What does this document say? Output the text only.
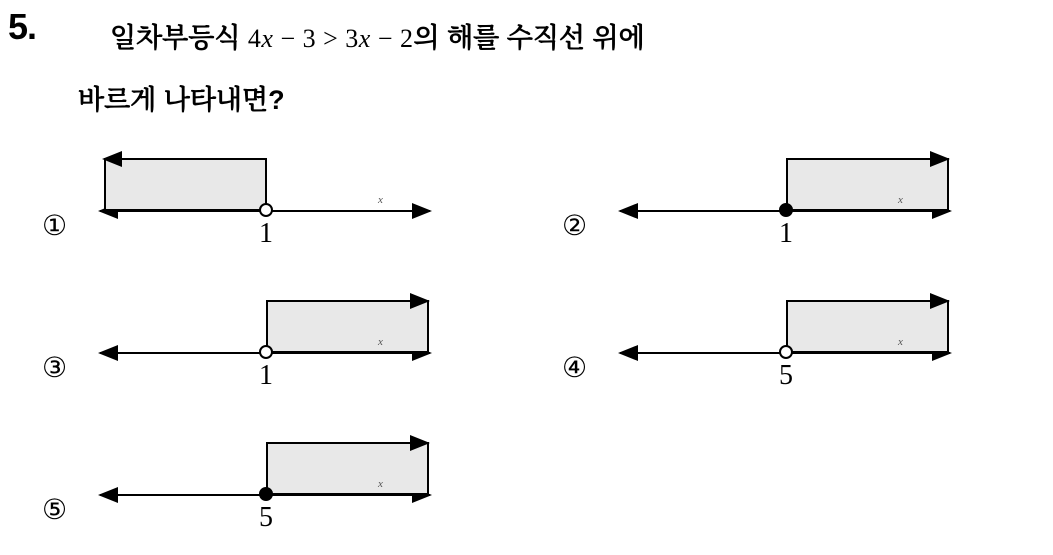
5.	일차부등식 4x − 3 > 3x − 2의 해를 수직선 위에
바르게 나타내면?
①	1
x
②	1
x
③	1
x
④	5
x
⑤	5
x
